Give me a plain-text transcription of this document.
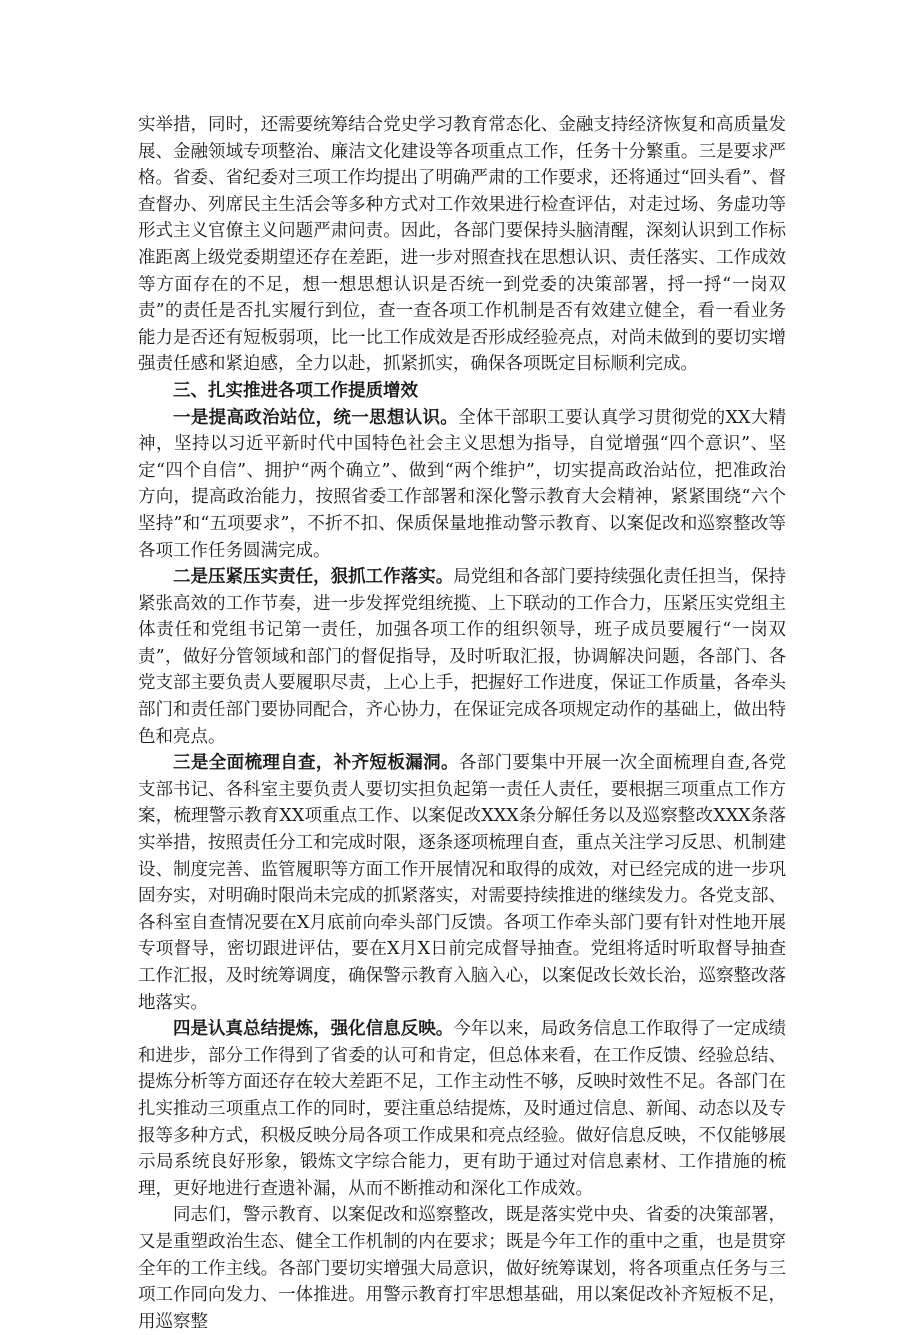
实举措，同时，还需要统筹结合党史学习教育常态化、金融支持经济恢复和高质量发展、金融领域专项整治、廉洁文化建设等各项重点工作，任务十分繁重。三是要求严格。省委、省纪委对三项工作均提出了明确严肃的工作要求，还将通过“回头看”、督查督办、列席民主生活会等多种方式对工作效果进行检查评估，对走过场、务虚功等形式主义官僚主义问题严肃问责。因此，各部门要保持头脑清醒，深刻认识到工作标准距离上级党委期望还存在差距，进一步对照查找在思想认识、责任落实、工作成效等方面存在的不足，想一想思想认识是否统一到党委的决策部署，捋一捋“一岗双责”的责任是否扎实履行到位，查一查各项工作机制是否有效建立健全，看一看业务能力是否还有短板弱项，比一比工作成效是否形成经验亮点，对尚未做到的要切实增强责任感和紧迫感，全力以赴，抓紧抓实，确保各项既定目标顺利完成。

三、扎实推进各项工作提质增效

一是提高政治站位，统一思想认识。全体干部职工要认真学习贯彻党的XX大精神，坚持以习近平新时代中国特色社会主义思想为指导，自觉增强“四个意识”、坚定“四个自信”、拥护“两个确立”、做到“两个维护”，切实提高政治站位，把准政治方向，提高政治能力，按照省委工作部署和深化警示教育大会精神，紧紧围绕“六个坚持”和“五项要求”，不折不扣、保质保量地推动警示教育、以案促改和巡察整改等各项工作任务圆满完成。

二是压紧压实责任，狠抓工作落实。局党组和各部门要持续强化责任担当，保持紧张高效的工作节奏，进一步发挥党组统揽、上下联动的工作合力，压紧压实党组主体责任和党组书记第一责任，加强各项工作的组织领导，班子成员要履行“一岗双责”，做好分管领域和部门的督促指导，及时听取汇报，协调解决问题，各部门、各党支部主要负责人要履职尽责，上心上手，把握好工作进度，保证工作质量，各牵头部门和责任部门要协同配合，齐心协力，在保证完成各项规定动作的基础上，做出特色和亮点。

三是全面梳理自查，补齐短板漏洞。各部门要集中开展一次全面梳理自查,各党支部书记、各科室主要负责人要切实担负起第一责任人责任，要根据三项重点工作方案，梳理警示教育XX项重点工作、以案促改XXX条分解任务以及巡察整改XXX条落实举措，按照责任分工和完成时限，逐条逐项梳理自查，重点关注学习反思、机制建设、制度完善、监管履职等方面工作开展情况和取得的成效，对已经完成的进一步巩固夯实，对明确时限尚未完成的抓紧落实，对需要持续推进的继续发力。各党支部、各科室自查情况要在X月底前向牵头部门反馈。各项工作牵头部门要有针对性地开展专项督导，密切跟进评估，要在X月X日前完成督导抽查。党组将适时听取督导抽查工作汇报，及时统筹调度，确保警示教育入脑入心，以案促改长效长治，巡察整改落地落实。

四是认真总结提炼，强化信息反映。今年以来，局政务信息工作取得了一定成绩和进步，部分工作得到了省委的认可和肯定，但总体来看，在工作反馈、经验总结、提炼分析等方面还存在较大差距不足，工作主动性不够，反映时效性不足。各部门在扎实推动三项重点工作的同时，要注重总结提炼，及时通过信息、新闻、动态以及专报等多种方式，积极反映分局各项工作成果和亮点经验。做好信息反映，不仅能够展示局系统良好形象，锻炼文字综合能力，更有助于通过对信息素材、工作措施的梳理，更好地进行查遗补漏，从而不断推动和深化工作成效。

同志们，警示教育、以案促改和巡察整改，既是落实党中央、省委的决策部署，又是重塑政治生态、健全工作机制的内在要求；既是今年工作的重中之重，也是贯穿全年的工作主线。各部门要切实增强大局意识，做好统筹谋划，将各项重点任务与三项工作同向发力、一体推进。用警示教育打牢思想基础，用以案促改补齐短板不足，用巡察整
